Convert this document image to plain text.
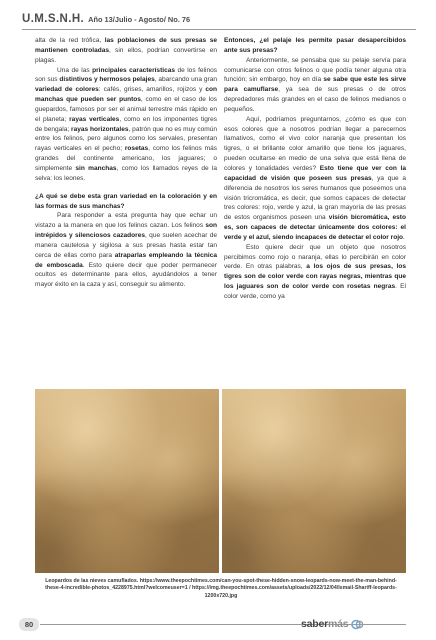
U.M.S.N.H. Año 13/Julio - Agosto/ No. 76

alta de la red trófica, las poblaciones de sus presas se mantienen controladas, sin ellos, podrían convertirse en plagas.

Una de las principales características de los felinos son sus distintivos y hermosos pelajes, abarcando una gran variedad de colores: cafés, grises, amarillos, rojizos y con manchas que pueden ser puntos, como en el caso de los guepardos, famosos por ser el animal terrestre más rápido en el planeta; rayas verticales, como en los imponentes tigres de bengala; rayas horizontales, patrón que no es muy común entre los felinos, pero algunos como los servales, presentan rayas verticales en el pecho; rosetas, como los felinos más grandes del continente americano, los jaguares; o simplemente sin manchas, como los llamados reyes de la selva: los leones.

¿A qué se debe esta gran variedad en la coloración y en las formas de sus manchas?

Para responder a esta pregunta hay que echar un vistazo a la manera en que los felinos cazan. Los felinos son intrépidos y silenciosos cazadores, que suelen acechar de manera cautelosa y sigilosa a sus presas hasta estar tan cerca de ellas como para atraparlas empleando la técnica de emboscada. Esto quiere decir que poder permanecer ocultos es determinante para ellos, ayudándolos a tener mayor éxito en la caza y así, conseguir su alimento.

Entonces, ¿el pelaje les permite pasar desapercibidos ante sus presas?

Anteriormente, se pensaba que su pelaje servía para comunicarse con otros felinos o que podía tener alguna otra función; sin embargo, hoy en día se sabe que este les sirve para camuflarse, ya sea de sus presas o de otros depredadores más grandes en el caso de felinos medianos o pequeños.

Aquí, podríamos preguntarnos, ¿cómo es que con esos colores que a nosotros podrían llegar a parecernos llamativos, como el vivo color naranja que presentan los tigres, o el brillante color amarillo que tiene los jaguares, pueden ocultarse en medio de una selva que está llena de colores y tonalidades verdes? Esto tiene que ver con la capacidad de visión que poseen sus presas, ya que a diferencia de nosotros los seres humanos que poseemos una visión tricromática, es decir, que somos capaces de detectar tres colores: rojo, verde y azul, la gran mayoría de las presas de estos organismos poseen una visión bicromática, esto es, son capaces de detectar únicamente dos colores: el verde y el azul, siendo incapaces de detectar el color rojo.

Esto quiere decir que un objeto que nosotros percibimos como rojo o naranja, ellas lo percibirán en color verde. En otras palabras, a los ojos de sus presas, los tigres son de color verde con rayas negras, mientras que los jaguares son de color verde con rosetas negras. El color verde, como ya

Leopardos de las nieves camuflados. https://www.theepochtimes.com/can-you-spot-these-hidden-snow-leopards-now-meet-the-man-behind-these-4-incredible-photos_4228975.html?welcomeuser=1 / https://img.theepochtimes.com/assets/uploads/2022/12/04/Ismail-Shariff-leopards-1200x720.jpg
80	saber más
